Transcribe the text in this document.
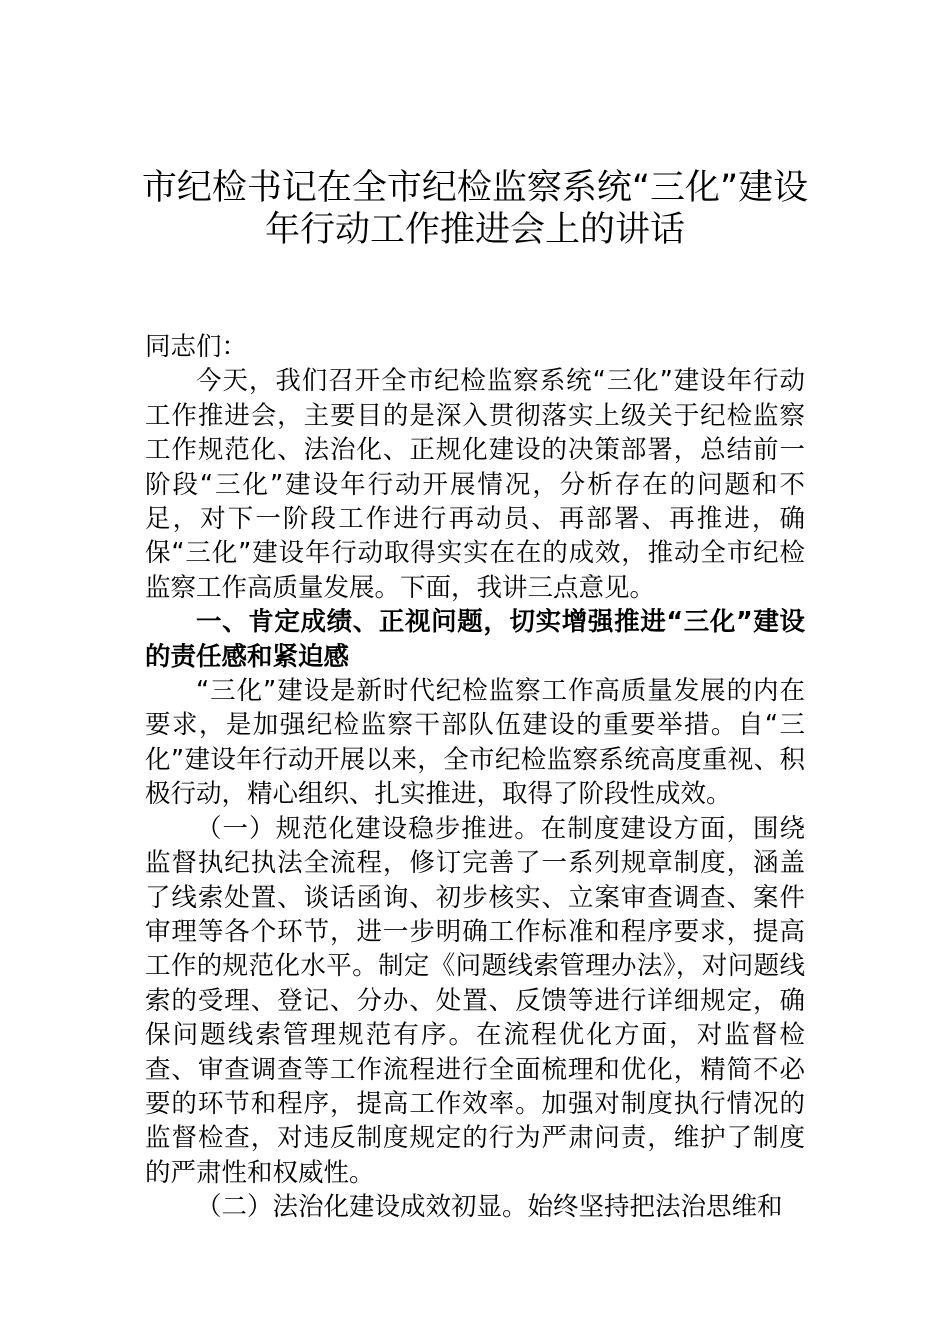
市纪检书记在全市纪检监察系统“三化”建设
年行动工作推进会上的讲话

同志们：

今天，我们召开全市纪检监察系统“三化”建设年行动工作推进会，主要目的是深入贯彻落实上级关于纪检监察工作规范化、法治化、正规化建设的决策部署，总结前一阶段“三化”建设年行动开展情况，分析存在的问题和不足，对下一阶段工作进行再动员、再部署、再推进，确保“三化”建设年行动取得实实在在的成效，推动全市纪检监察工作高质量发展。下面，我讲三点意见。

一、肯定成绩、正视问题，切实增强推进“三化”建设的责任感和紧迫感

“三化”建设是新时代纪检监察工作高质量发展的内在要求，是加强纪检监察干部队伍建设的重要举措。自“三化”建设年行动开展以来，全市纪检监察系统高度重视、积极行动，精心组织、扎实推进，取得了阶段性成效。

（一）规范化建设稳步推进。在制度建设方面，围绕监督执纪执法全流程，修订完善了一系列规章制度，涵盖了线索处置、谈话函询、初步核实、立案审查调查、案件审理等各个环节，进一步明确工作标准和程序要求，提高工作的规范化水平。制定《问题线索管理办法》，对问题线索的受理、登记、分办、处置、反馈等进行详细规定，确保问题线索管理规范有序。在流程优化方面，对监督检查、审查调查等工作流程进行全面梳理和优化，精简不必要的环节和程序，提高工作效率。加强对制度执行情况的监督检查，对违反制度规定的行为严肃问责，维护了制度的严肃性和权威性。

（二）法治化建设成效初显。始终坚持把法治思维和
